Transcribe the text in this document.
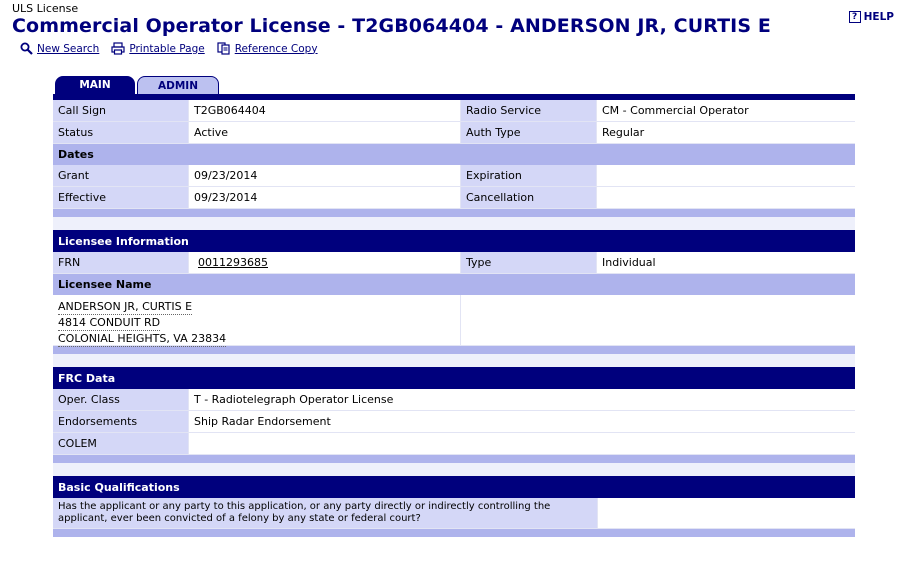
ULS License
Commercial Operator License - T2GB064404 - ANDERSON JR, CURTIS E	? HELP
New Search	Printable Page	Reference Copy
MAIN	ADMIN
Call Sign	T2GB064404	Radio Service	CM - Commercial Operator
Status	Active	Auth Type	Regular
Dates
Grant	09/23/2014	Expiration
Effective	09/23/2014	Cancellation
Licensee Information
FRN	0011293685	Type	Individual
Licensee Name
ANDERSON JR, CURTIS E
4814 CONDUIT RD
COLONIAL HEIGHTS, VA 23834
FRC Data
Oper. Class	T - Radiotelegraph Operator License
Endorsements	Ship Radar Endorsement
COLEM
Basic Qualifications
Has the applicant or any party to this application, or any party directly or indirectly controlling the
applicant, ever been convicted of a felony by any state or federal court?
